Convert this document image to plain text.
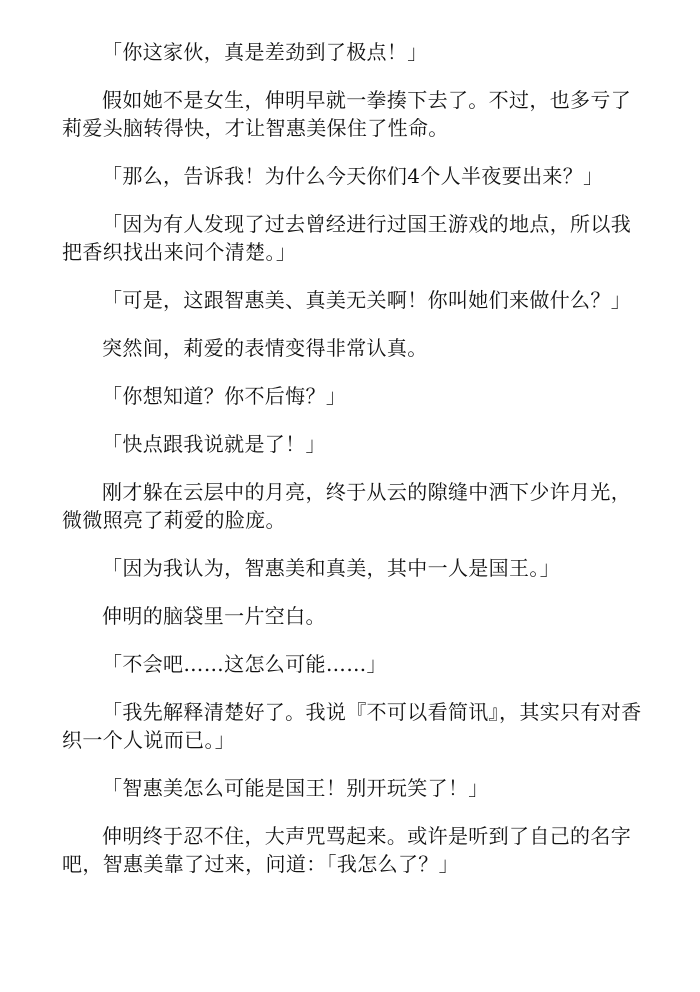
「你这家伙，真是差劲到了极点！」

假如她不是女生，伸明早就一拳揍下去了。不过，也多亏了莉爱头脑转得快，才让智惠美保住了性命。

「那么，告诉我！为什么今天你们4个人半夜要出来？」

「因为有人发现了过去曾经进行过国王游戏的地点，所以我把香织找出来问个清楚。」

「可是，这跟智惠美、真美无关啊！你叫她们来做什么？」

突然间，莉爱的表情变得非常认真。

「你想知道？你不后悔？」

「快点跟我说就是了！」

刚才躲在云层中的月亮，终于从云的隙缝中洒下少许月光，微微照亮了莉爱的脸庞。

「因为我认为，智惠美和真美，其中一人是国王。」

伸明的脑袋里一片空白。

「不会吧……这怎么可能……」

「我先解释清楚好了。我说『不可以看简讯』，其实只有对香织一个人说而已。」

「智惠美怎么可能是国王！别开玩笑了！」

伸明终于忍不住，大声咒骂起来。或许是听到了自己的名字吧，智惠美靠了过来，问道：「我怎么了？」
